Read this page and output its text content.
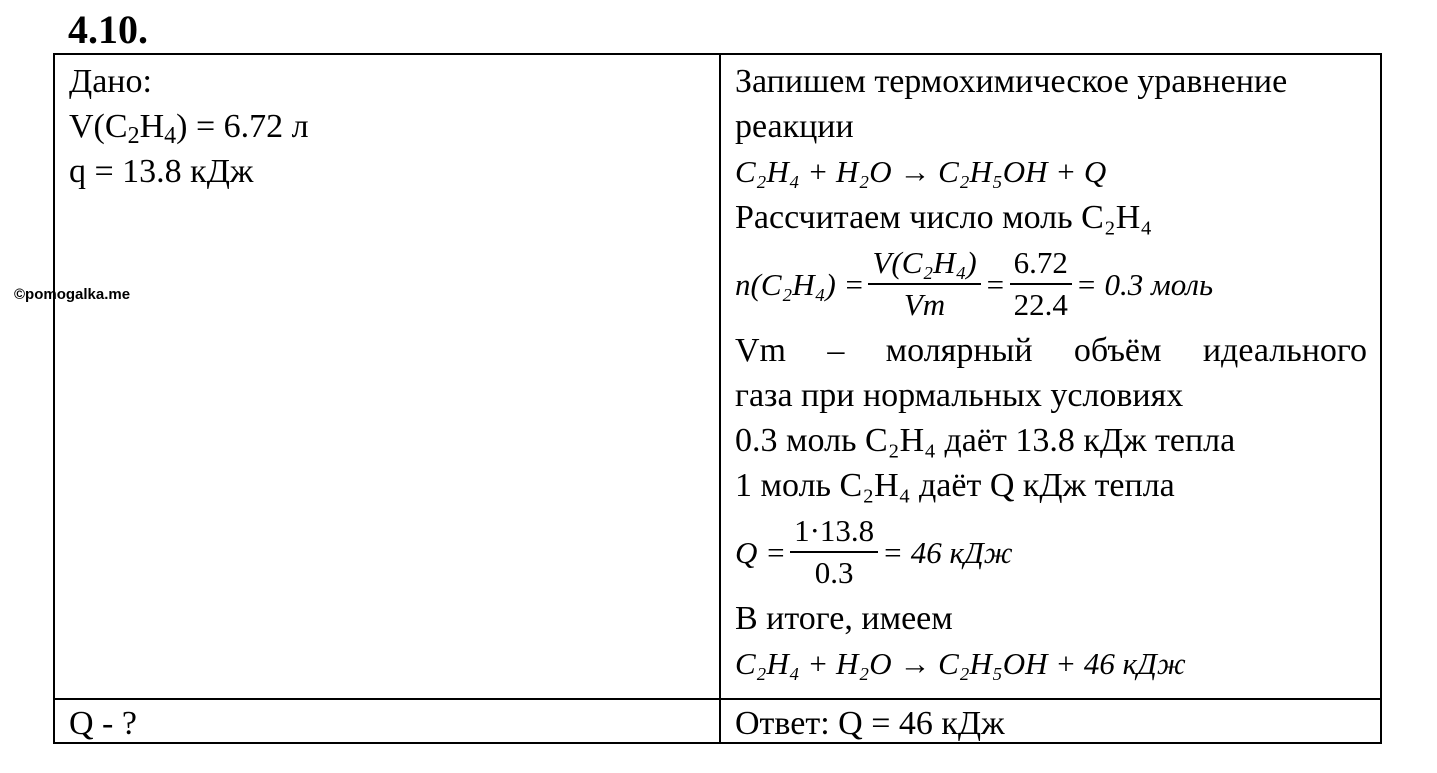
4.10.
©pomogalka.me
Дано:
$V(C_2H_4) = 6.72$ л
q = 13.8 кДж
Q - ?
Запишем термохимическое уравнение
реакции
C₂H₄ + H₂O → C₂H₅OH + Q
Рассчитаем число моль C₂H₄
$n(C_2H_4) = \frac{\text{V(C₂H₄)}}{Vm} = \frac{6.72}{22.4} = 0.3$ моль
Vm – молярный объём идеального
газа при нормальных условиях
0.3 моль C₂H₄ даёт 13.8 кДж тепла
1 моль C₂H₄ даёт Q кДж тепла
$Q = \frac{1\cdot 13.8}{0.3} = 46$ кДж
В итоге, имеем
C₂H₄ + H₂O → C₂H₅OH + 46 кДж
Ответ: Q = 46 кДж
